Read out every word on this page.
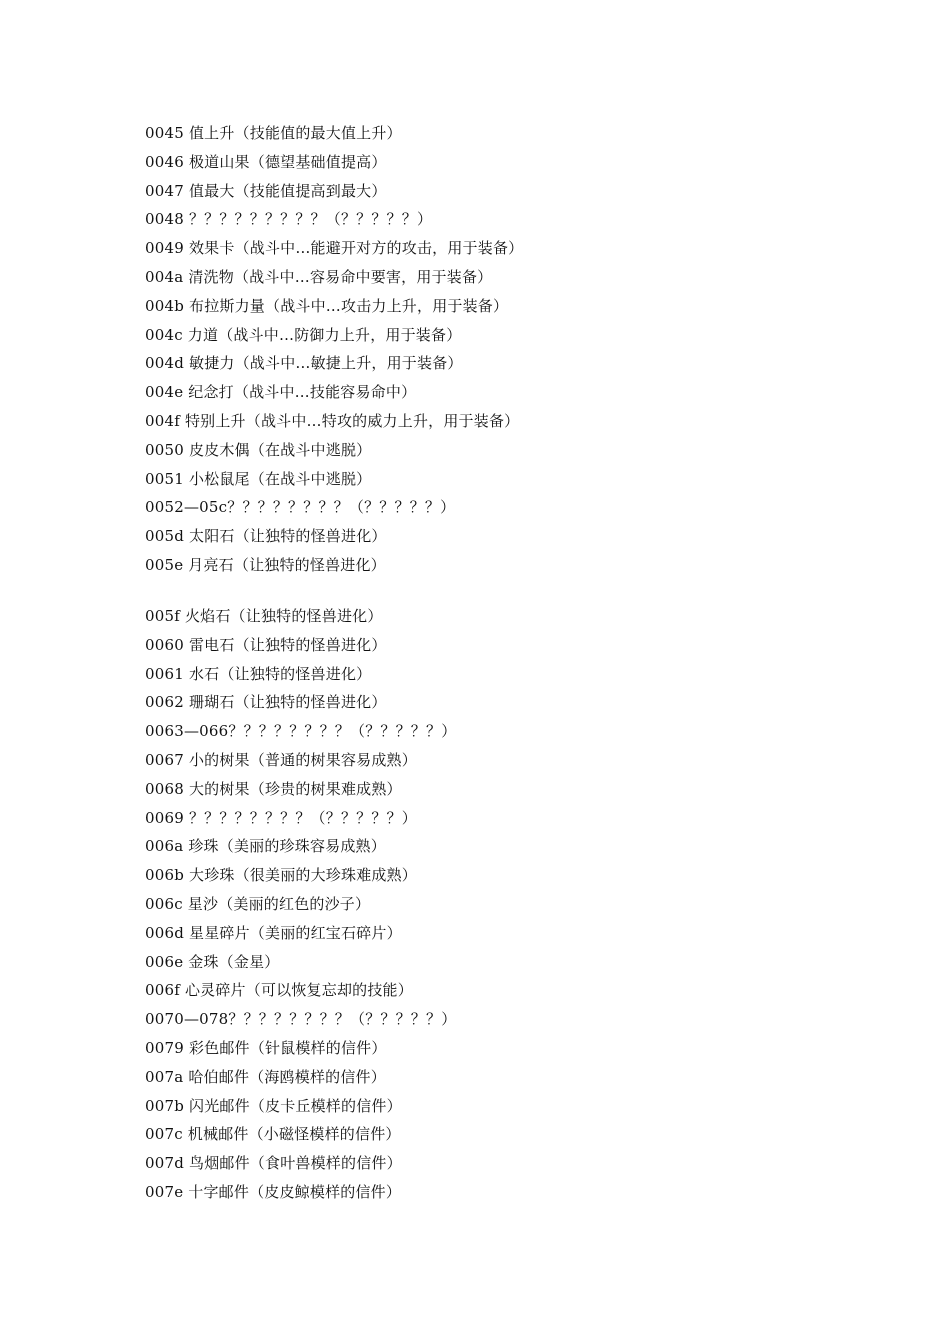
0045 值上升（技能值的最大值上升）
0046 极道山果（德望基础值提高）
0047 值最大（技能值提高到最大）
0048 ？？？？？？？？？（？？？？？）
0049 效果卡（战斗中…能避开对方的攻击，用于装备）
004a 清洗物（战斗中…容易命中要害，用于装备）
004b 布拉斯力量（战斗中…攻击力上升，用于装备）
004c 力道（战斗中…防御力上升，用于装备）
004d 敏捷力（战斗中…敏捷上升，用于装备）
004e 纪念打（战斗中…技能容易命中）
004f 特别上升（战斗中…特攻的威力上升，用于装备）
0050 皮皮木偶（在战斗中逃脱）
0051 小松鼠尾（在战斗中逃脱）
0052—05c？？？？？？？？（？？？？？）
005d 太阳石（让独特的怪兽进化）
005e 月亮石（让独特的怪兽进化）
005f 火焰石（让独特的怪兽进化）
0060 雷电石（让独特的怪兽进化）
0061 水石（让独特的怪兽进化）
0062 珊瑚石（让独特的怪兽进化）
0063—066？？？？？？？？（？？？？？）
0067 小的树果（普通的树果容易成熟）
0068 大的树果（珍贵的树果难成熟）
0069 ？？？？？？？？（？？？？？）
006a 珍珠（美丽的珍珠容易成熟）
006b 大珍珠（很美丽的大珍珠难成熟）
006c 星沙（美丽的红色的沙子）
006d 星星碎片（美丽的红宝石碎片）
006e 金珠（金星）
006f 心灵碎片（可以恢复忘却的技能）
0070—078？？？？？？？？（？？？？？）
0079 彩色邮件（针鼠模样的信件）
007a 哈伯邮件（海鸥模样的信件）
007b 闪光邮件（皮卡丘模样的信件）
007c 机械邮件（小磁怪模样的信件）
007d 鸟烟邮件（食叶兽模样的信件）
007e 十字邮件（皮皮鲸模样的信件）
